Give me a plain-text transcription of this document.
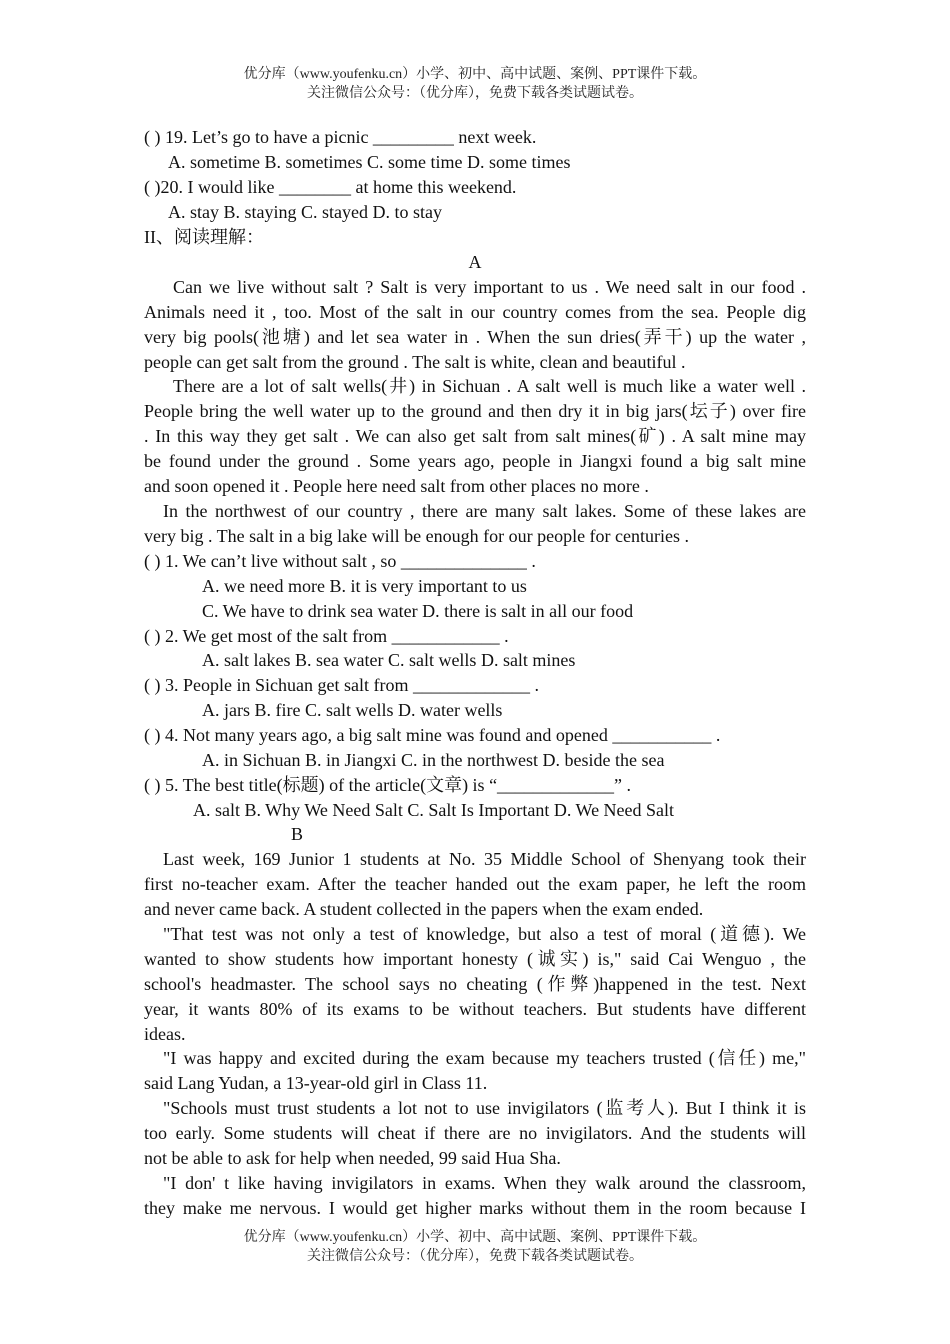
优分库（www.youfenku.cn）小学、初中、高中试题、案例、PPT课件下载。
关注微信公众号：（优分库），免费下载各类试题试卷。
( ) 19. Let’s go to have a picnic _________ next week.
A. sometime B. sometimes C. some time D. some times
( )20. I would like ________ at home this weekend.
A. stay B. staying C. stayed D. to stay
II、阅读理解：
A
Can we live without salt ? Salt is very important to us . We need salt in our food .
Animals need it , too. Most of the salt in our country comes from the sea. People dig
very big pools(池塘) and let sea water in . When the sun dries(弄干) up the water ,
people can get salt from the ground . The salt is white, clean and beautiful .
There are a lot of salt wells(井) in Sichuan . A salt well is much like a water well .
People bring the well water up to the ground and then dry it in big jars(坛子) over fire
. In this way they get salt . We can also get salt from salt mines(矿) . A salt mine may
be found under the ground . Some years ago, people in Jiangxi found a big salt mine
and soon opened it . People here need salt from other places no more .
In the northwest of our country , there are many salt lakes. Some of these lakes are
very big . The salt in a big lake will be enough for our people for centuries .
( ) 1. We can’t live without salt , so ______________ .
A. we need more B. it is very important to us
C. We have to drink sea water D. there is salt in all our food
( ) 2. We get most of the salt from ____________ .
A. salt lakes B. sea water C. salt wells D. salt mines
( ) 3. People in Sichuan get salt from _____________ .
A. jars B. fire C. salt wells D. water wells
( ) 4. Not many years ago, a big salt mine was found and opened ___________ .
A. in Sichuan B. in Jiangxi C. in the northwest D. beside the sea
( ) 5. The best title(标题) of the article(文章) is “_____________” .
A. salt B. Why We Need Salt C. Salt Is Important D. We Need Salt
B
Last week, 169 Junior 1 students at No. 35 Middle School of Shenyang took their
first no-teacher exam. After the teacher handed out the exam paper, he left the room
and never came back. A student collected in the papers when the exam ended.
"That test was not only a test of knowledge, but also a test of moral (道德). We
wanted to show students how important honesty (诚实) is," said Cai Wenguo , the
school's headmaster. The school says no cheating (作弊)happened in the test. Next
year, it wants 80% of its exams to be without teachers. But students have different
ideas.
"I was happy and excited during the exam because my teachers trusted (信任) me,"
said Lang Yudan, a 13-year-old girl in Class 11.
"Schools must trust students a lot not to use invigilators (监考人). But I think it is
too early. Some students will cheat if there are no invigilators. And the students will
not be able to ask for help when needed, 99 said Hua Sha.
"I don' t like having invigilators in exams. When they walk around the classroom,
they make me nervous. I would get higher marks without them in the room because I
优分库（www.youfenku.cn）小学、初中、高中试题、案例、PPT课件下载。
关注微信公众号：（优分库），免费下载各类试题试卷。
